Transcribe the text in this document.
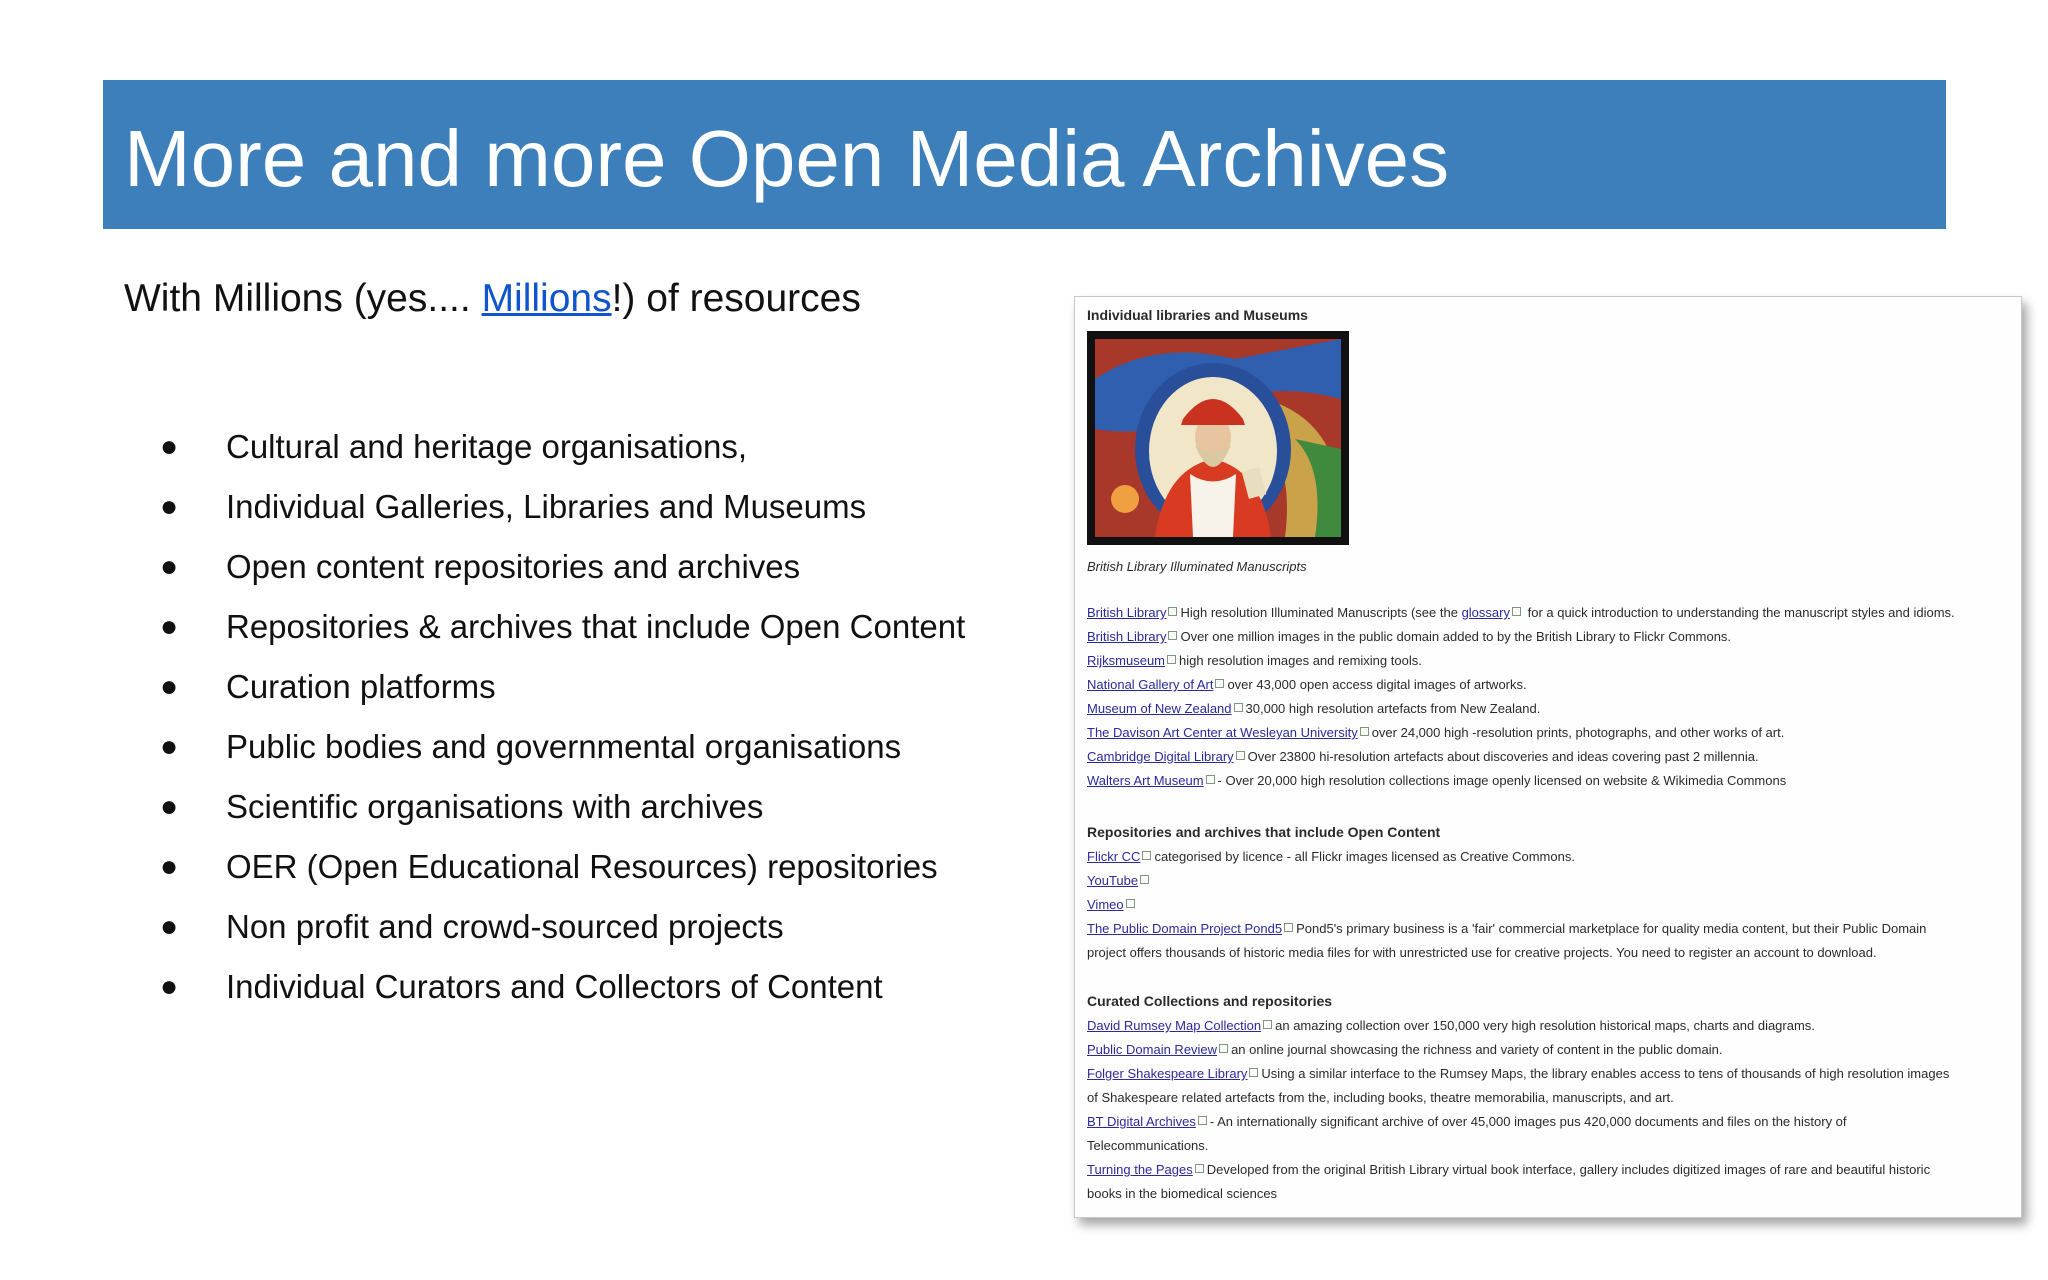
More and more Open Media Archives
With Millions (yes.... Millions!) of resources
● Cultural and heritage organisations,
● Individual Galleries, Libraries and Museums
● Open content repositories and archives
● Repositories & archives that include Open Content
● Curation platforms
● Public bodies and governmental organisations
● Scientific organisations with archives
● OER (Open Educational Resources) repositories
● Non profit and crowd-sourced projects
● Individual Curators and Collectors of Content
Individual libraries and Museums
British Library Illuminated Manuscripts
British Library High resolution Illuminated Manuscripts (see the glossary for a quick introduction to understanding the manuscript styles and idioms.
British Library Over one million images in the public domain added to by the British Library to Flickr Commons.
Rijksmuseum high resolution images and remixing tools.
National Gallery of Art over 43,000 open access digital images of artworks.
Museum of New Zealand 30,000 high resolution artefacts from New Zealand.
The Davison Art Center at Wesleyan University over 24,000 high -resolution prints, photographs, and other works of art.
Cambridge Digital Library Over 23800 hi-resolution artefacts about discoveries and ideas covering past 2 millennia.
Walters Art Museum - Over 20,000 high resolution collections image openly licensed on website & Wikimedia Commons
Repositories and archives that include Open Content
Flickr CC categorised by licence - all Flickr images licensed as Creative Commons.
YouTube
Vimeo
The Public Domain Project Pond5 Pond5's primary business is a 'fair' commercial marketplace for quality media content, but their Public Domain
project offers thousands of historic media files for with unrestricted use for creative projects. You need to register an account to download.
Curated Collections and repositories
David Rumsey Map Collection an amazing collection over 150,000 very high resolution historical maps, charts and diagrams.
Public Domain Review an online journal showcasing the richness and variety of content in the public domain.
Folger Shakespeare Library Using a similar interface to the Rumsey Maps, the library enables access to tens of thousands of high resolution images
of Shakespeare related artefacts from the, including books, theatre memorabilia, manuscripts, and art.
BT Digital Archives - An internationally significant archive of over 45,000 images pus 420,000 documents and files on the history of
Telecommunications.
Turning the Pages Developed from the original British Library virtual book interface, gallery includes digitized images of rare and beautiful historic
books in the biomedical sciences
